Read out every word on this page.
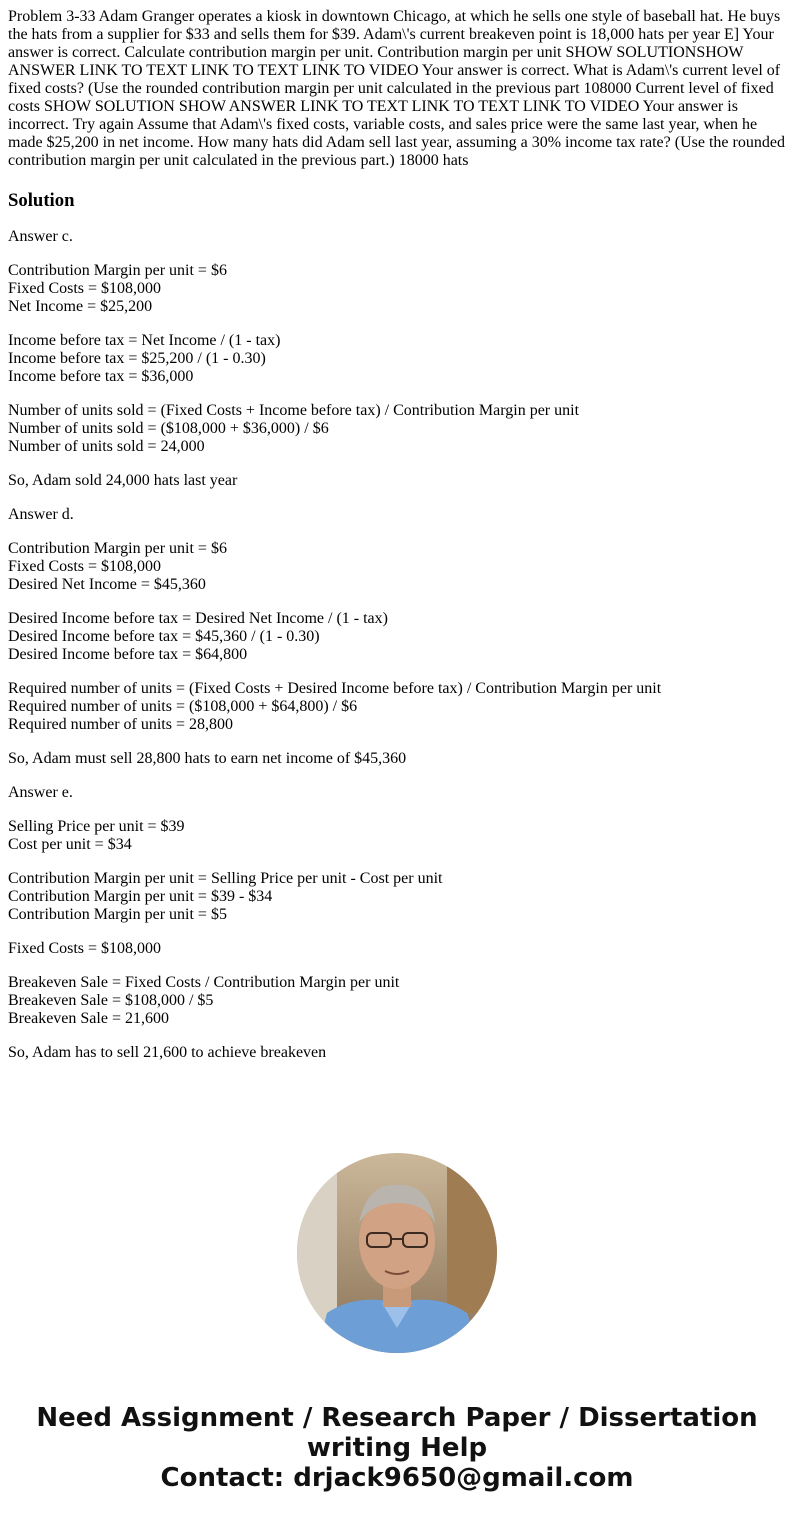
Problem 3-33 Adam Granger operates a kiosk in downtown Chicago, at which he sells one style of baseball hat. He buys the hats from a supplier for $33 and sells them for $39. Adam\'s current breakeven point is 18,000 hats per year E] Your answer is correct. Calculate contribution margin per unit. Contribution margin per unit SHOW SOLUTIONSHOW ANSWER LINK TO TEXT LINK TO TEXT LINK TO VIDEO Your answer is correct. What is Adam\'s current level of fixed costs? (Use the rounded contribution margin per unit calculated in the previous part 108000 Current level of fixed costs SHOW SOLUTION SHOW ANSWER LINK TO TEXT LINK TO TEXT LINK TO VIDEO Your answer is incorrect. Try again Assume that Adam\'s fixed costs, variable costs, and sales price were the same last year, when he made $25,200 in net income. How many hats did Adam sell last year, assuming a 30% income tax rate? (Use the rounded contribution margin per unit calculated in the previous part.) 18000 hats

Solution

Answer c.

Contribution Margin per unit = $6
Fixed Costs = $108,000
Net Income = $25,200

Income before tax = Net Income / (1 - tax)
Income before tax = $25,200 / (1 - 0.30)
Income before tax = $36,000

Number of units sold = (Fixed Costs + Income before tax) / Contribution Margin per unit
Number of units sold = ($108,000 + $36,000) / $6
Number of units sold = 24,000

So, Adam sold 24,000 hats last year

Answer d.

Contribution Margin per unit = $6
Fixed Costs = $108,000
Desired Net Income = $45,360

Desired Income before tax = Desired Net Income / (1 - tax)
Desired Income before tax = $45,360 / (1 - 0.30)
Desired Income before tax = $64,800

Required number of units = (Fixed Costs + Desired Income before tax) / Contribution Margin per unit
Required number of units = ($108,000 + $64,800) / $6
Required number of units = 28,800

So, Adam must sell 28,800 hats to earn net income of $45,360

Answer e.

Selling Price per unit = $39
Cost per unit = $34

Contribution Margin per unit = Selling Price per unit - Cost per unit
Contribution Margin per unit = $39 - $34
Contribution Margin per unit = $5

Fixed Costs = $108,000

Breakeven Sale = Fixed Costs / Contribution Margin per unit
Breakeven Sale = $108,000 / $5
Breakeven Sale = 21,600

So, Adam has to sell 21,600 to achieve breakeven

Need Assignment / Research Paper / Dissertation
writing Help
Contact: drjack9650@gmail.com
